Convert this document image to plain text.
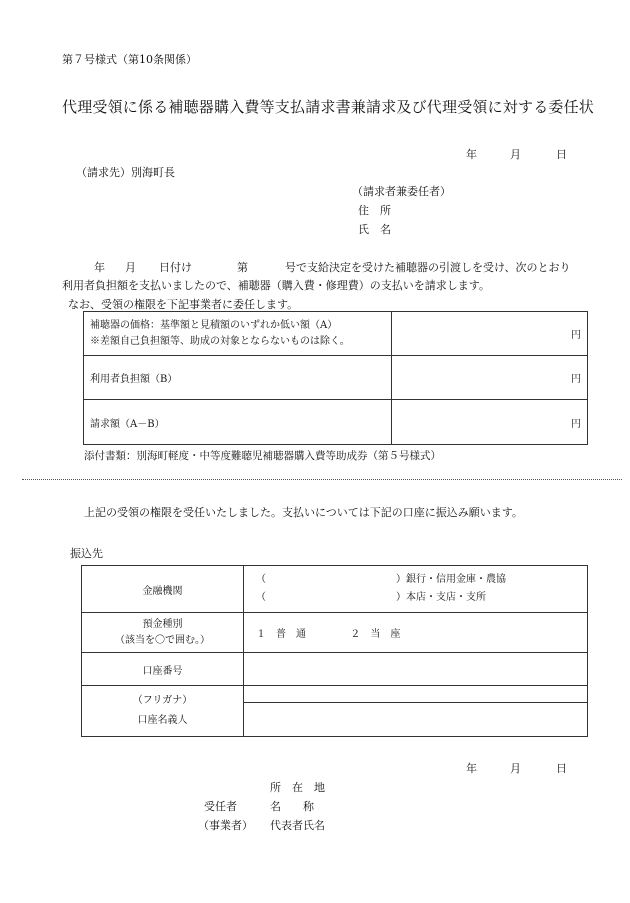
第７号様式（第10条関係）
代理受領に係る補聴器購入費等支払請求書兼請求及び代理受領に対する委任状
年	月	日
（請求先）別海町長
（請求者兼委任者）
住　所
氏　名
年 月 日付け	第	号で支給決定を受けた補聴器の引渡しを受け、次のとおり
利用者負担額を支払いましたので、補聴器（購入費・修理費）の支払いを請求します。
なお、受領の権限を下記事業者に委任します。
補聴器の価格：基準額と見積額のいずれか低い額（A）
※差額自己負担額等、助成の対象とならないものは除く。	円
利用者負担額（B）	円
請求額（A－B）	円
添付書類：別海町軽度・中等度難聴児補聴器購入費等助成券（第５号様式）
上記の受領の権限を受任いたしました。支払いについては下記の口座に振込み願います。
振込先
金融機関	（ ）銀行・信用金庫・農協
（ ）本店・支店・支所

預金種別
（該当を〇で囲む。）	１　普　通 ２　当　座
口座番号	

（フリガナ）
口座名義人	

年	月	日
所　在　地
受任者	名　　称
（事業者） 代表者氏名
